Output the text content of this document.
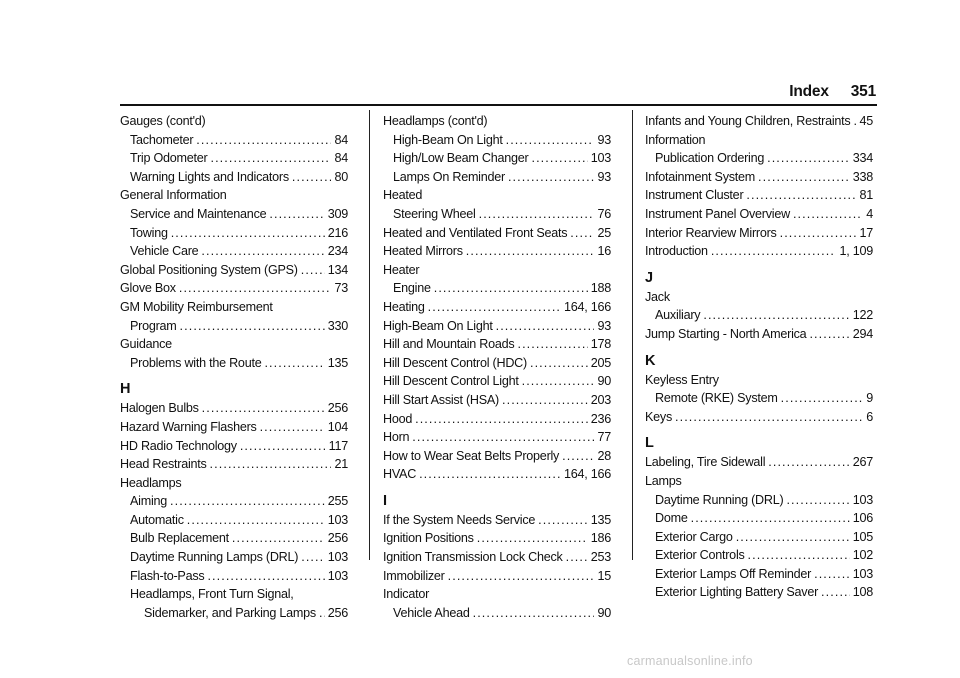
Index 351
Gauges (cont'd)
Tachometer . . .	84
Trip Odometer . . .	84
Warning Lights and Indicators . . .	80
General Information
Service and Maintenance . . .	309
Towing . . .	216
Vehicle Care . . .	234
Global Positioning System (GPS) . . . 134
Glove Box . . .	73
GM Mobility Reimbursement
Program . . .	330
Guidance
Problems with the Route . . .	135
H
Halogen Bulbs . . .	256
Hazard Warning Flashers . . .	104
HD Radio Technology . . .	117
Head Restraints . . .	21
Headlamps
Aiming . . .	255
Automatic . . .	103
Bulb Replacement . . .	256
Daytime Running Lamps (DRL) . . . 103
Flash-to-Pass . . .	103
Headlamps, Front Turn Signal,
Sidemarker, and Parking Lamps . . . 256
Headlamps (cont'd)
High-Beam On Light . . .	93
High/Low Beam Changer . . .	103
Lamps On Reminder . . .	93
Heated
Steering Wheel . . .	76
Heated and Ventilated Front Seats . . . 25
Heated Mirrors . . .	16
Heater
Engine . . .	188
Heating . . .	164, 166
High-Beam On Light . . .	93
Hill and Mountain Roads . . .	178
Hill Descent Control (HDC) . . .	205
Hill Descent Control Light . . .	90
Hill Start Assist (HSA) . . .	203
Hood . . .	236
Horn . . .	77
How to Wear Seat Belts Properly . . .	28
HVAC . . .	164, 166
I
If the System Needs Service . . .	135
Ignition Positions . . .	186
Ignition Transmission Lock Check . . . 253
Immobilizer . . .	15
Indicator
Vehicle Ahead . . .	90
Infants and Young Children, Restraints . . . 45
Information
Publication Ordering . . .	334
Infotainment System . . .	338
Instrument Cluster . . .	81
Instrument Panel Overview . . .	4
Interior Rearview Mirrors . . .	17
Introduction . . .	1, 109
J
Jack
Auxiliary . . .	122
Jump Starting - North America . . .	294
K
Keyless Entry
Remote (RKE) System . . .	9
Keys . . .	6
L
Labeling, Tire Sidewall . . .	267
Lamps
Daytime Running (DRL) . . .	103
Dome . . .	106
Exterior Cargo . . .	105
Exterior Controls . . .	102
Exterior Lamps Off Reminder . . .	103
Exterior Lighting Battery Saver . . .	108
carmanualsonline.info
